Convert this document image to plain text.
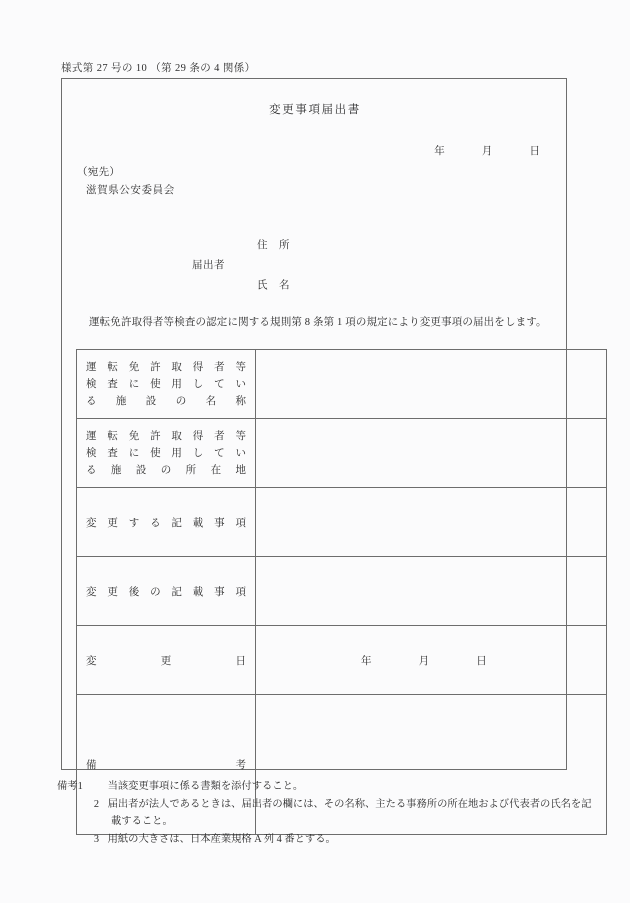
様式第 27 号の 10 （第 29 条の 4 関係）
変更事項届出書
年	月	日
（宛先）
滋賀県公安委員会
届出者
住　所
氏　名
運転免許取得者等検査の認定に関する規則第 8 条第 1 項の規定により変更事項の届出をします。
運転免許取得者等
検査に使用してい
る施設の名称	

運転免許取得者等
検査に使用してい
る施設の所在地	

変更する記載事項	

変更後の記載事項	

変更日	年 月 日

備考	

備考1 当該変更事項に係る書類を添付すること。
2 届出者が法人であるときは、届出者の欄には、その名称、主たる事務所の所在地および代表者の氏名を記
載すること。
3 用紙の大きさは、日本産業規格 A 列 4 番とする。
